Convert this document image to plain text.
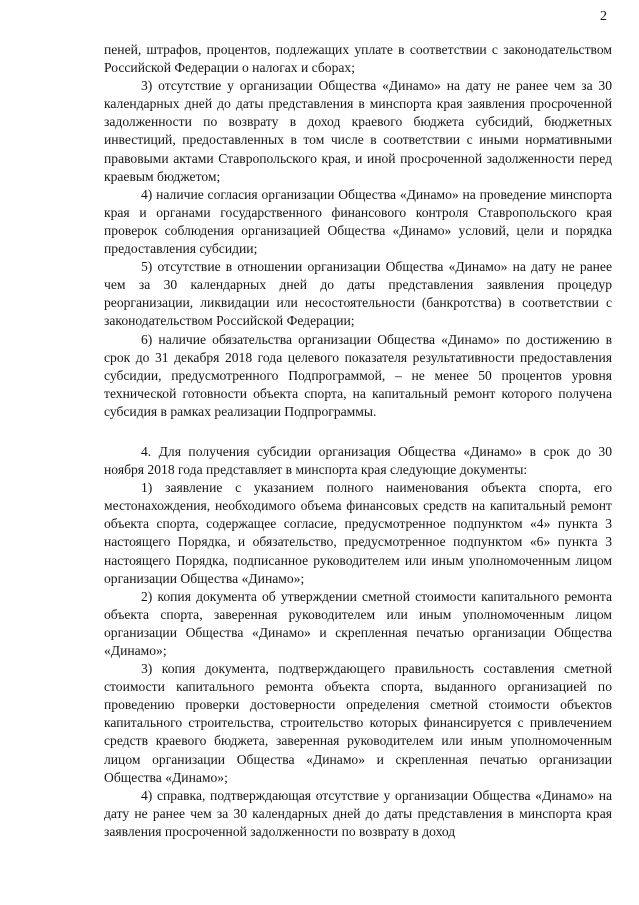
2

пеней, штрафов, процентов, подлежащих уплате в соответствии с законодательством Российской Федерации о налогах и сборах;

3) отсутствие у организации Общества «Динамо» на дату не ранее чем за 30 календарных дней до даты представления в минспорта края заявления просроченной задолженности по возврату в доход краевого бюджета субсидий, бюджетных инвестиций, предоставленных в том числе в соответствии с иными нормативными правовыми актами Ставропольского края, и иной просроченной задолженности перед краевым бюджетом;

4) наличие согласия организации Общества «Динамо» на проведение минспорта края и органами государственного финансового контроля Ставропольского края проверок соблюдения организацией Общества «Динамо» условий, цели и порядка предоставления субсидии;

5) отсутствие в отношении организации Общества «Динамо» на дату не ранее чем за 30 календарных дней до даты представления заявления процедур реорганизации, ликвидации или несостоятельности (банкротства) в соответствии с законодательством Российской Федерации;

6) наличие обязательства организации Общества «Динамо» по достижению в срок до 31 декабря 2018 года целевого показателя результативности предоставления субсидии, предусмотренного Подпрограммой, – не менее 50 процентов уровня технической готовности объекта спорта, на капитальный ремонт которого получена субсидия в рамках реализации Подпрограммы.

4. Для получения субсидии организация Общества «Динамо» в срок до 30 ноября 2018 года представляет в минспорта края следующие документы:

1) заявление с указанием полного наименования объекта спорта, его местонахождения, необходимого объема финансовых средств на капитальный ремонт объекта спорта, содержащее согласие, предусмотренное подпунктом «4» пункта 3 настоящего Порядка, и обязательство, предусмотренное подпунктом «6» пункта 3 настоящего Порядка, подписанное руководителем или иным уполномоченным лицом организации Общества «Динамо»;

2) копия документа об утверждении сметной стоимости капитального ремонта объекта спорта, заверенная руководителем или иным уполномоченным лицом организации Общества «Динамо» и скрепленная печатью организации Общества «Динамо»;

3) копия документа, подтверждающего правильность составления сметной стоимости капитального ремонта объекта спорта, выданного организацией по проведению проверки достоверности определения сметной стоимости объектов капитального строительства, строительство которых финансируется с привлечением средств краевого бюджета, заверенная руководителем или иным уполномоченным лицом организации Общества «Динамо» и скрепленная печатью организации Общества «Динамо»;

4) справка, подтверждающая отсутствие у организации Общества «Динамо» на дату не ранее чем за 30 календарных дней до даты представления в минспорта края заявления просроченной задолженности по возврату в доход
